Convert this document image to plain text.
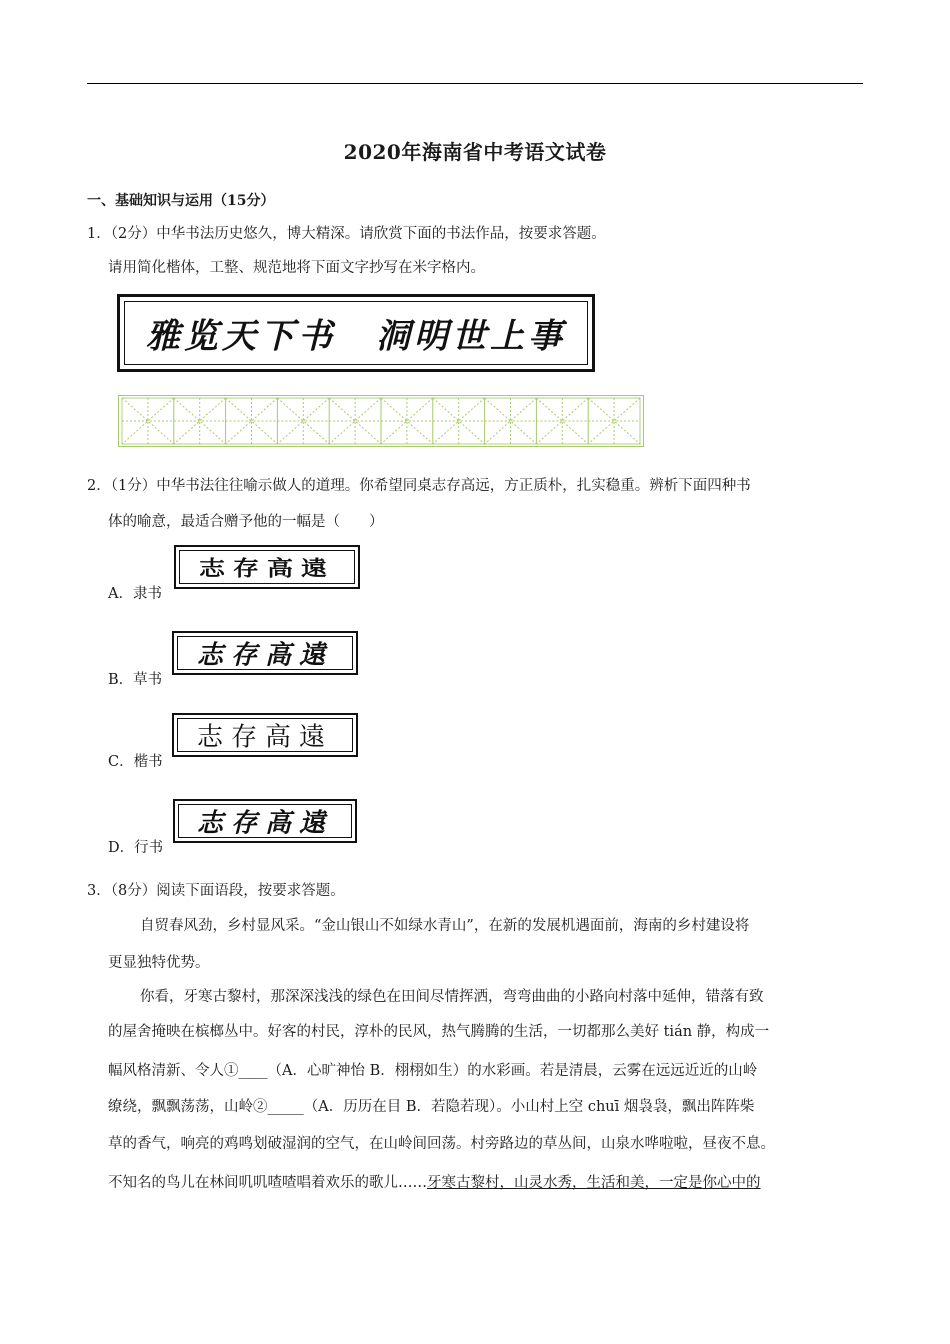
2020年海南省中考语文试卷
一、基础知识与运用（15分）
1．（2分）中华书法历史悠久，博大精深。请欣赏下面的书法作品，按要求答题。
请用简化楷体，工整、规范地将下面文字抄写在米字格内。
雅览天下书 洞明世上事
2．（1分）中华书法往往喻示做人的道理。你希望同桌志存高远，方正质朴，扎实稳重。辨析下面四种书
体的喻意，最适合赠予他的一幅是（　　）
A．隶书
志存高遠
B．草书
志存高遠
C．楷书
志存高遠
D．行书
志存高遠
3．（8分）阅读下面语段，按要求答题。
自贸春风劲，乡村显风采。“金山银山不如绿水青山”，在新的发展机遇面前，海南的乡村建设将
更显独特优势。
你看，牙寒古黎村，那深深浅浅的绿色在田间尽情挥洒，弯弯曲曲的小路向村落中延伸，错落有致
的屋舍掩映在槟榔丛中。好客的村民，淳朴的民风，热气腾腾的生活，一切都那么美好 tián 静，构成一
幅风格清新、令人①____（A．心旷神怡 B．栩栩如生）的水彩画。若是清晨，云雾在远远近近的山岭
缭绕，飘飘荡荡，山岭②_____（A．历历在目 B．若隐若现）。小山村上空 chuī 烟袅袅，飘出阵阵柴
草的香气，响亮的鸡鸣划破湿润的空气，在山岭间回荡。村旁路边的草丛间，山泉水哗啦啦，昼夜不息。
不知名的鸟儿在林间叽叽喳喳唱着欢乐的歌儿……牙寒古黎村，山灵水秀，生活和美，一定是你心中的
